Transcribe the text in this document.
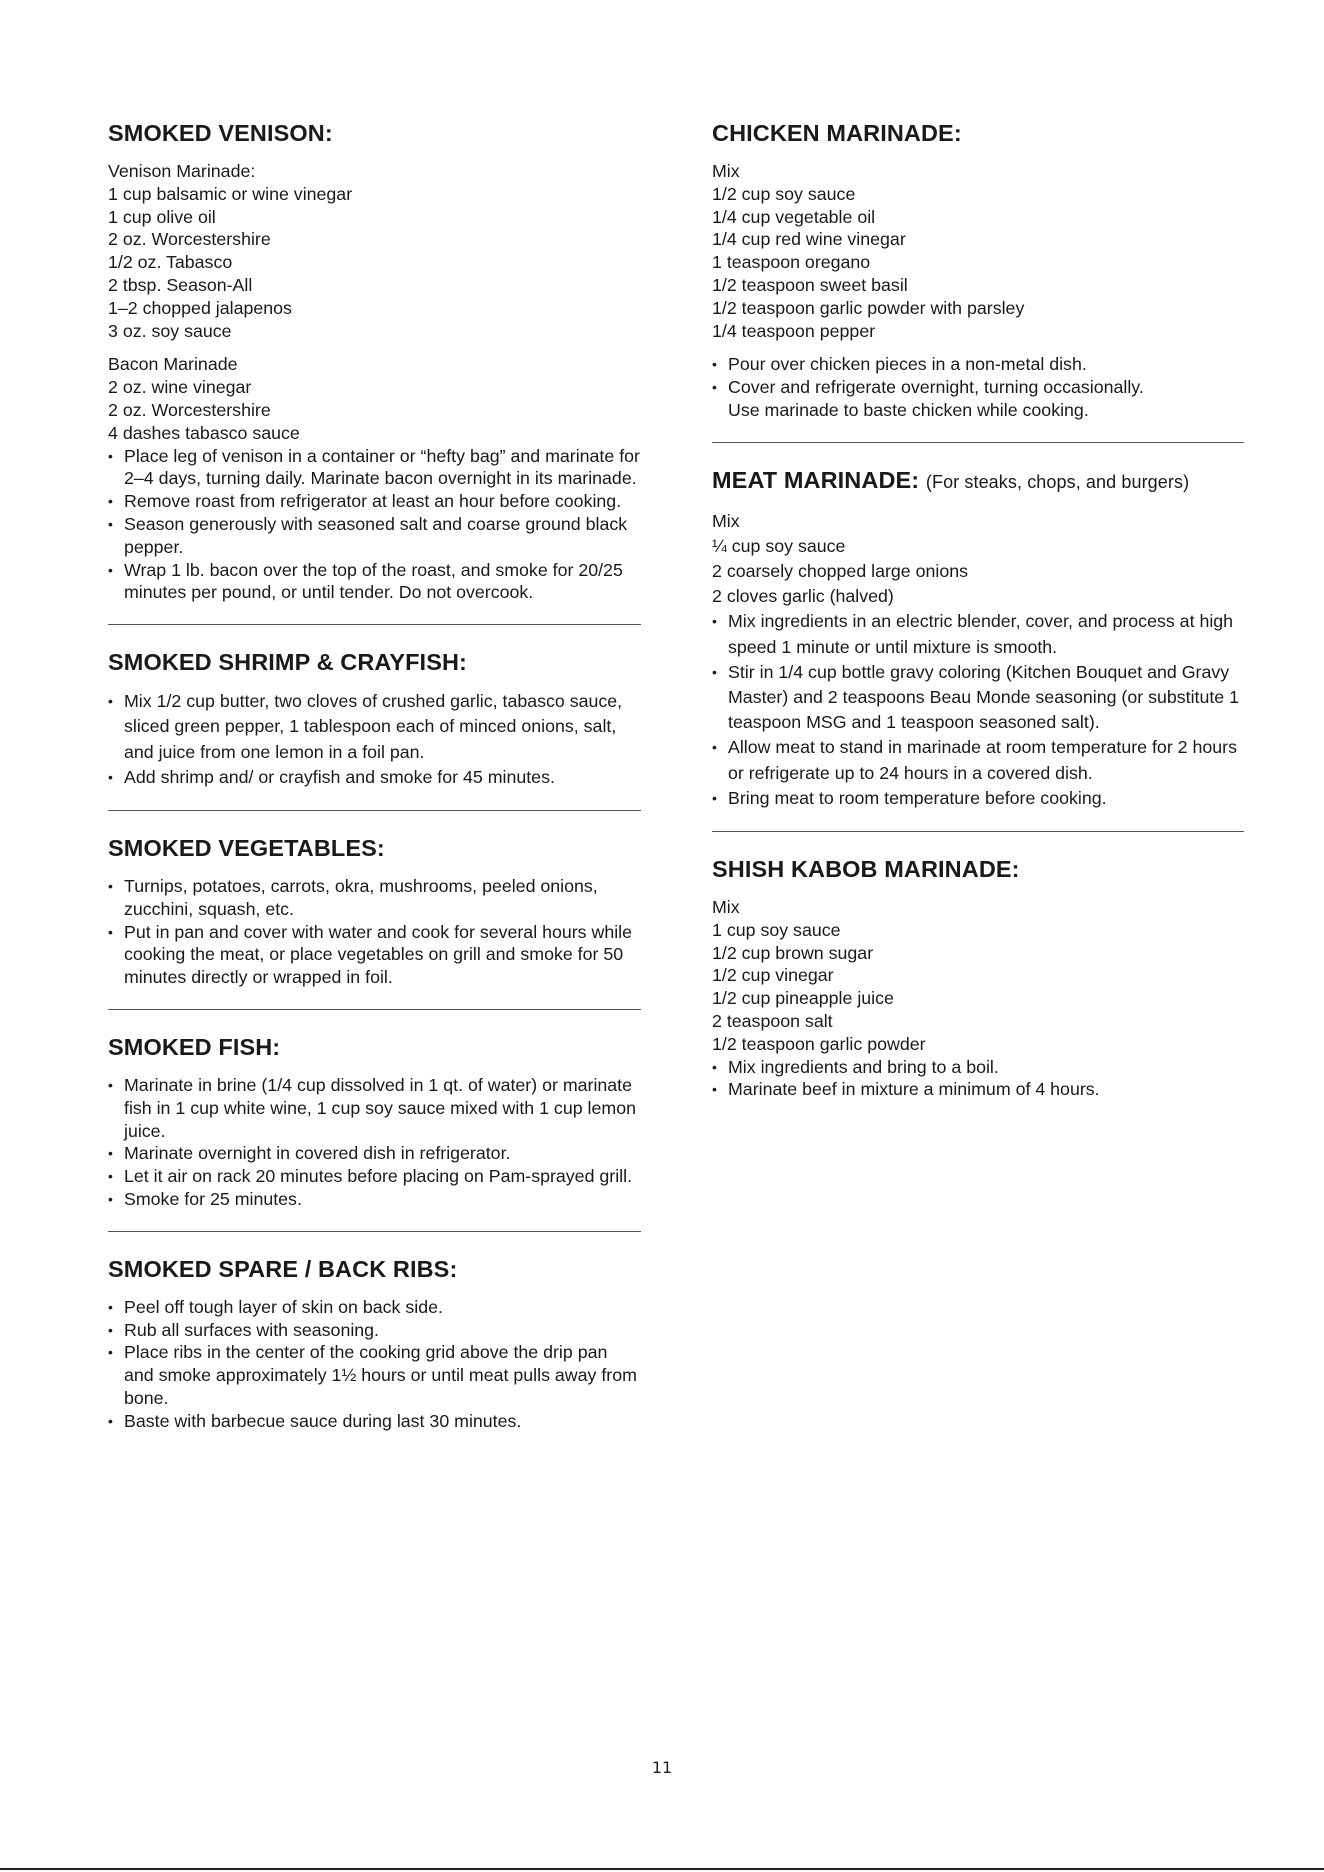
SMOKED VENISON:

Venison Marinade:

1 cup balsamic or wine vinegar

1 cup olive oil

2 oz. Worcestershire

1/2 oz. Tabasco

2 tbsp. Season-All

1–2 chopped jalapenos

3 oz. soy sauce

Bacon Marinade

2 oz. wine vinegar

2 oz. Worcestershire

4 dashes tabasco sauce

• Place leg of venison in a container or “hefty bag” and marinate for 2–4 days, turning daily. Marinate bacon overnight in its marinade.
• Remove roast from refrigerator at least an hour before cooking.
• Season generously with seasoned salt and coarse ground black pepper.
• Wrap 1 lb. bacon over the top of the roast, and smoke for 20/25 minutes per pound, or until tender. Do not overcook.
SMOKED SHRIMP & CRAYFISH:
• Mix 1/2 cup butter, two cloves of crushed garlic, tabasco sauce, sliced green pepper, 1 tablespoon each of minced onions, salt, and juice from one lemon in a foil pan.
• Add shrimp and/ or crayfish and smoke for 45 minutes.
SMOKED VEGETABLES:
• Turnips, potatoes, carrots, okra, mushrooms, peeled onions, zucchini, squash, etc.
• Put in pan and cover with water and cook for several hours while cooking the meat, or place vegetables on grill and smoke for 50 minutes directly or wrapped in foil.
SMOKED FISH:
• Marinate in brine (1/4 cup dissolved in 1 qt. of water) or marinate fish in 1 cup white wine, 1 cup soy sauce mixed with 1 cup lemon juice.
• Marinate overnight in covered dish in refrigerator.
• Let it air on rack 20 minutes before placing on Pam-sprayed grill.
• Smoke for 25 minutes.
SMOKED SPARE / BACK RIBS:
• Peel off tough layer of skin on back side.
• Rub all surfaces with seasoning.
• Place ribs in the center of the cooking grid above the drip pan and smoke approximately 1½ hours or until meat pulls away from bone.
• Baste with barbecue sauce during last 30 minutes.
CHICKEN MARINADE:

Mix

1/2 cup soy sauce

1/4 cup vegetable oil

1/4 cup red wine vinegar

1 teaspoon oregano

1/2 teaspoon sweet basil

1/2 teaspoon garlic powder with parsley

1/4 teaspoon pepper

• Pour over chicken pieces in a non-metal dish.
• Cover and refrigerate overnight, turning occasionally.

Use marinade to baste chicken while cooking.

MEAT MARINADE: (For steaks, chops, and burgers)

Mix

¼ cup soy sauce

2 coarsely chopped large onions

2 cloves garlic (halved)

• Mix ingredients in an electric blender, cover, and process at high speed 1 minute or until mixture is smooth.
• Stir in 1/4 cup bottle gravy coloring (Kitchen Bouquet and Gravy Master) and 2 teaspoons Beau Monde seasoning (or substitute 1 teaspoon MSG and 1 teaspoon seasoned salt).
• Allow meat to stand in marinade at room temperature for 2 hours or refrigerate up to 24 hours in a covered dish.
• Bring meat to room temperature before cooking.
SHISH KABOB MARINADE:

Mix

1 cup soy sauce

1/2 cup brown sugar

1/2 cup vinegar

1/2 cup pineapple juice

2 teaspoon salt

1/2 teaspoon garlic powder

• Mix ingredients and bring to a boil.
• Marinate beef in mixture a minimum of 4 hours.
11
